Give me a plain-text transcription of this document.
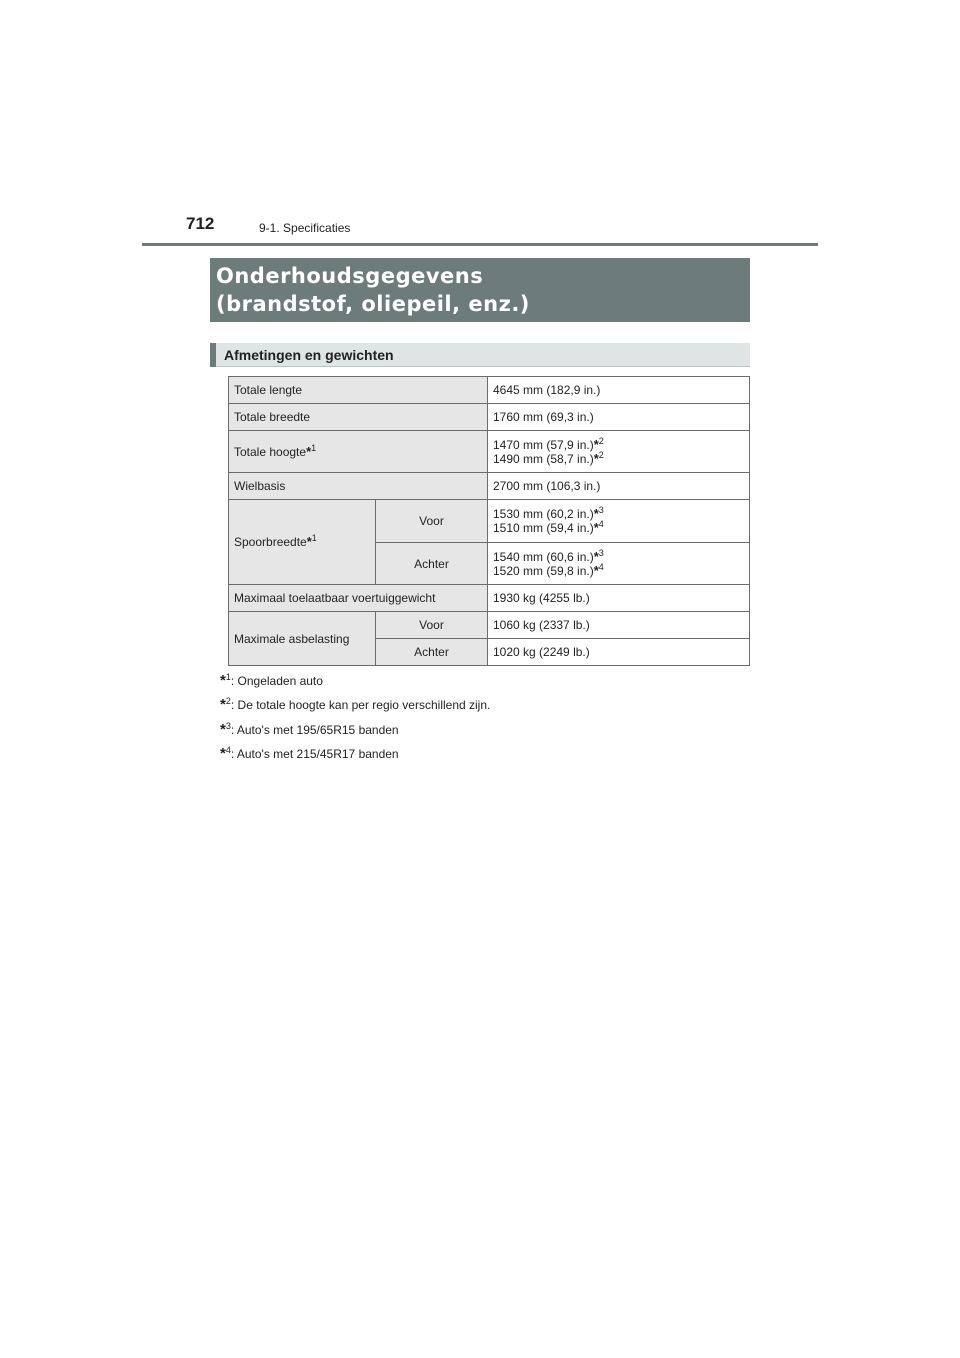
712	9-1. Specificaties
Onderhoudsgegevens
(brandstof, oliepeil, enz.)
Afmetingen en gewichten
Totale lengte		4645 mm (182,9 in.)
Totale breedte		1760 mm (69,3 in.)
Totale hoogte*$^1$		1470 mm (57,9 in.)*$^2$
1490 mm (58,7 in.)*$^2$

Wielbasis		2700 mm (106,3 in.)
Spoorbreedte*$^1$	Voor	1530 mm (60,2 in.)*$^3$
1510 mm (59,4 in.)*$^4$

	Achter	1540 mm (60,6 in.)*$^3$
1520 mm (59,8 in.)*$^4$

Maximaal toelaatbaar voertuiggewicht		1930 kg (4255 lb.)
Maximale asbelasting	Voor	1060 kg (2337 lb.)
	Achter	1020 kg (2249 lb.)
*$^1$: Ongeladen auto
*$^2$: De totale hoogte kan per regio verschillend zijn.
*$^3$: Auto's met 195/65R15 banden
*$^4$: Auto's met 215/45R17 banden
